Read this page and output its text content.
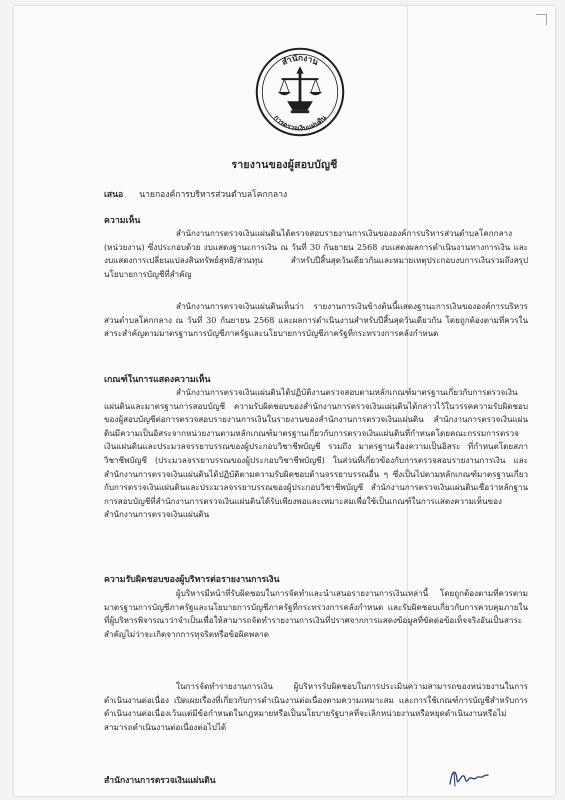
สำนักงาน
การตรวจเงินแผ่นดิน
รายงานของผู้สอบบัญชี
เสนอ นายกองค์การบริหารส่วนตำบลโคกกลาง
ความเห็น
สำนักงานการตรวจเงินแผ่นดินได้ตรวจสอบรายงานการเงินขององค์การบริหารส่วนตำบลโคกกลาง (หน่วยงาน) ซึ่งประกอบด้วย งบแสดงฐานะการเงิน ณ วันที่ 30 กันยายน 2568 งบแสดงผลการดำเนินงานทางการเงิน และงบแสดงการเปลี่ยนแปลงสินทรัพย์สุทธิ/ส่วนทุน สำหรับปีสิ้นสุดวันเดียวกันและหมายเหตุประกอบงบการเงินรวมถึงสรุปนโยบายการบัญชีที่สำคัญ
สำนักงานการตรวจเงินแผ่นดินเห็นว่า รายงานการเงินข้างต้นนี้แสดงฐานะการเงินขององค์การบริหารส่วนตำบลโคกกลาง ณ วันที่ 30 กันยายน 2568 และผลการดำเนินงานสำหรับปีสิ้นสุดวันเดียวกัน โดยถูกต้องตามที่ควรในสาระสำคัญตามมาตรฐานการบัญชีภาครัฐและนโยบายการบัญชีภาครัฐที่กระทรวงการคลังกำหนด
เกณฑ์ในการแสดงความเห็น
สำนักงานการตรวจเงินแผ่นดินได้ปฏิบัติงานตรวจสอบตามหลักเกณฑ์มาตรฐานเกี่ยวกับการตรวจเงินแผ่นดินและมาตรฐานการสอบบัญชี ความรับผิดชอบของสำนักงานการตรวจเงินแผ่นดินได้กล่าวไว้ในวรรคความรับผิดชอบของผู้สอบบัญชีต่อการตรวจสอบรายงานการเงินในรายงานของสำนักงานการตรวจเงินแผ่นดิน สำนักงานการตรวจเงินแผ่นดินมีความเป็นอิสระจากหน่วยงานตามหลักเกณฑ์มาตรฐานเกี่ยวกับการตรวจเงินแผ่นดินที่กำหนดโดยคณะกรรมการตรวจเงินแผ่นดินและประมวลจรรยาบรรณของผู้ประกอบวิชาชีพบัญชี รวมถึง มาตรฐานเรื่องความเป็นอิสระ ที่กำหนดโดยสภาวิชาชีพบัญชี (ประมวลจรรยาบรรณของผู้ประกอบวิชาชีพบัญชี) ในส่วนที่เกี่ยวข้องกับการตรวจสอบรายงานการเงิน และสำนักงานการตรวจเงินแผ่นดินได้ปฏิบัติตามความรับผิดชอบด้านจรรยาบรรณอื่น ๆ ซึ่งเป็นไปตามหลักเกณฑ์มาตรฐานเกี่ยวกับการตรวจเงินแผ่นดินและประมวลจรรยาบรรณของผู้ประกอบวิชาชีพบัญชี สำนักงานการตรวจเงินแผ่นดินเชื่อว่าหลักฐานการสอบบัญชีที่สำนักงานการตรวจเงินแผ่นดินได้รับเพียงพอและเหมาะสมเพื่อใช้เป็นเกณฑ์ในการแสดงความเห็นของสำนักงานการตรวจเงินแผ่นดิน
ความรับผิดชอบของผู้บริหารต่อรายงานการเงิน
ผู้บริหารมีหน้าที่รับผิดชอบในการจัดทำและนำเสนอรายงานการเงินเหล่านี้ โดยถูกต้องตามที่ควรตามมาตรฐานการบัญชีภาครัฐและนโยบายการบัญชีภาครัฐที่กระทรวงการคลังกำหนด และรับผิดชอบเกี่ยวกับการควบคุมภายในที่ผู้บริหารพิจารณาว่าจำเป็นเพื่อให้สามารถจัดทำรายงานการเงินที่ปราศจากการแสดงข้อมูลที่ขัดต่อข้อเท็จจริงอันเป็นสาระสำคัญไม่ว่าจะเกิดจากการทุจริตหรือข้อผิดพลาด
ในการจัดทำรายงานการเงิน ผู้บริหารรับผิดชอบในการประเมินความสามารถของหน่วยงานในการดำเนินงานต่อเนื่อง เปิดเผยเรื่องที่เกี่ยวกับการดำเนินงานต่อเนื่องตามความเหมาะสม และการใช้เกณฑ์การบัญชีสำหรับการดำเนินงานต่อเนื่องเว้นแต่มีข้อกำหนดในกฎหมายหรือเป็นนโยบายรัฐบาลที่จะเลิกหน่วยงานหรือหยุดดำเนินงานหรือไม่สามารถดำเนินงานต่อเนื่องต่อไปได้
สำนักงานการตรวจเงินแผ่นดิน
